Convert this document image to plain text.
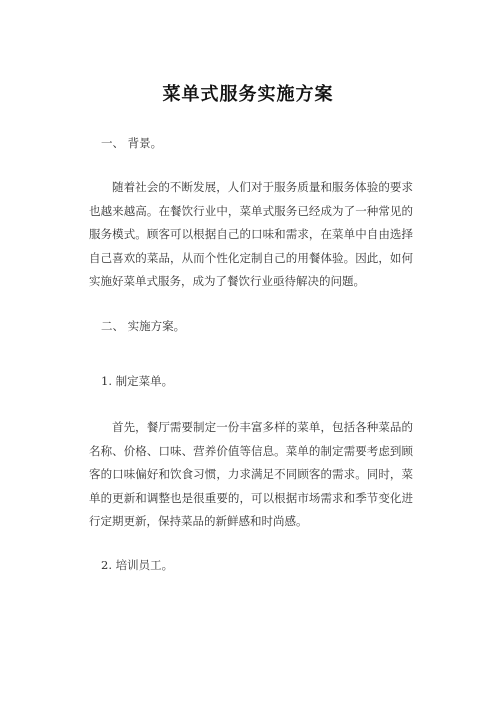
菜单式服务实施方案
一、 背景。

随着社会的不断发展，人们对于服务质量和服务体验的要求也越来越高。在餐饮行业中，菜单式服务已经成为了一种常见的服务模式。顾客可以根据自己的口味和需求，在菜单中自由选择自己喜欢的菜品，从而个性化定制自己的用餐体验。因此，如何实施好菜单式服务，成为了餐饮行业亟待解决的问题。

二、 实施方案。
1. 制定菜单。

首先，餐厅需要制定一份丰富多样的菜单，包括各种菜品的名称、价格、口味、营养价值等信息。菜单的制定需要考虑到顾客的口味偏好和饮食习惯，力求满足不同顾客的需求。同时，菜单的更新和调整也是很重要的，可以根据市场需求和季节变化进行定期更新，保持菜品的新鲜感和时尚感。

2. 培训员工。
